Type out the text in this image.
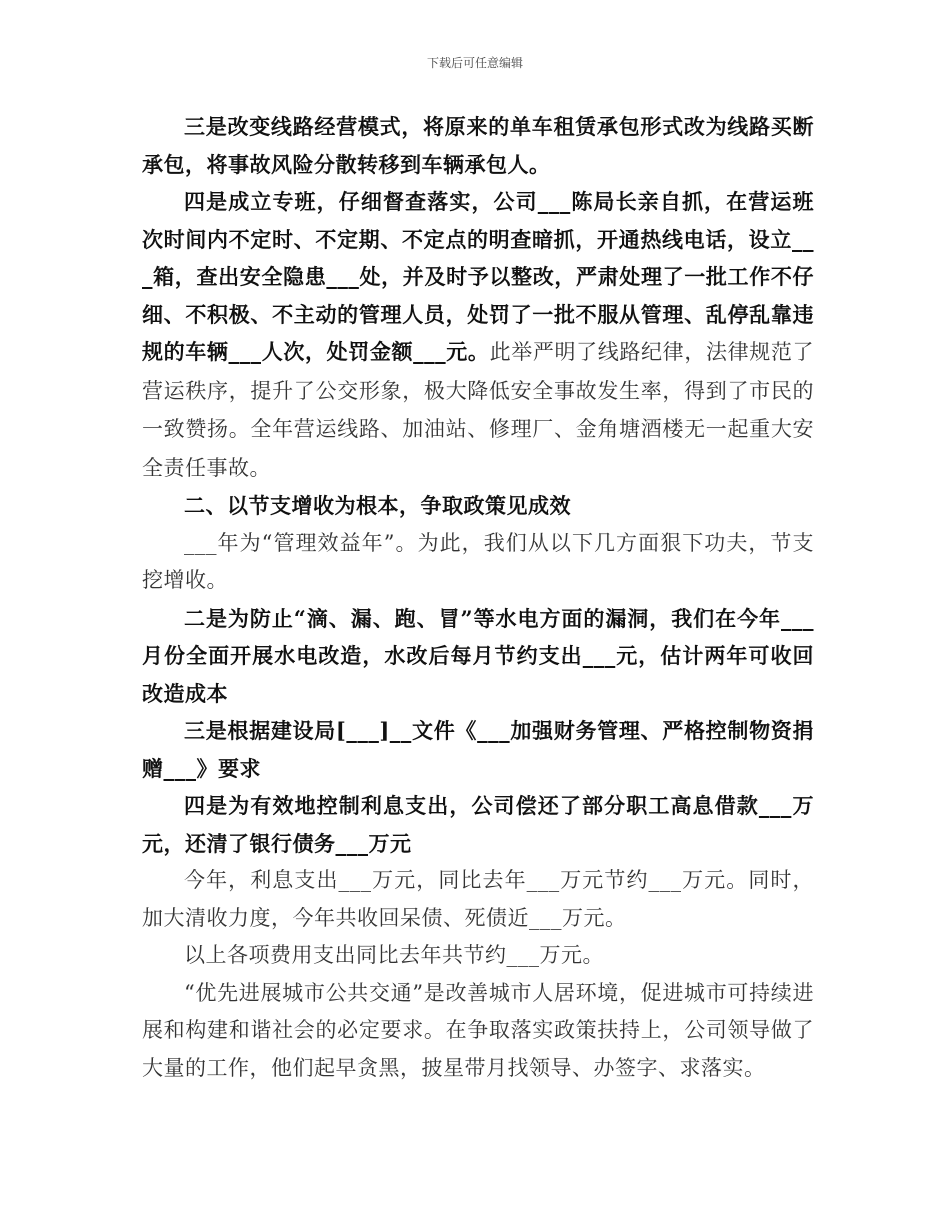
下载后可任意编辑

三是改变线路经营模式，将原来的单车租赁承包形式改为线路买断承包，将事故风险分散转移到车辆承包人。

四是成立专班，仔细督查落实，公司___陈局长亲自抓，在营运班次时间内不定时、不定期、不定点的明查暗抓，开通热线电话，设立___箱，查出安全隐患___处，并及时予以整改，严肃处理了一批工作不仔细、不积极、不主动的管理人员，处罚了一批不服从管理、乱停乱靠违规的车辆___人次，处罚金额___元。此举严明了线路纪律，法律规范了营运秩序，提升了公交形象，极大降低安全事故发生率，得到了市民的一致赞扬。全年营运线路、加油站、修理厂、金角塘酒楼无一起重大安全责任事故。

二、以节支增收为根本，争取政策见成效

___年为“管理效益年”。为此，我们从以下几方面狠下功夫，节支挖增收。

二是为防止“滴、漏、跑、冒”等水电方面的漏洞，我们在今年___月份全面开展水电改造，水改后每月节约支出___元，估计两年可收回改造成本

三是根据建设局[___]__文件《___加强财务管理、严格控制物资捐赠___》要求

四是为有效地控制利息支出，公司偿还了部分职工高息借款___万元，还清了银行债务___万元

今年，利息支出___万元，同比去年___万元节约___万元。同时，加大清收力度，今年共收回呆债、死债近___万元。

以上各项费用支出同比去年共节约___万元。

“优先进展城市公共交通”是改善城市人居环境，促进城市可持续进展和构建和谐社会的必定要求。在争取落实政策扶持上，公司领导做了大量的工作，他们起早贪黑，披星带月找领导、办签字、求落实。
